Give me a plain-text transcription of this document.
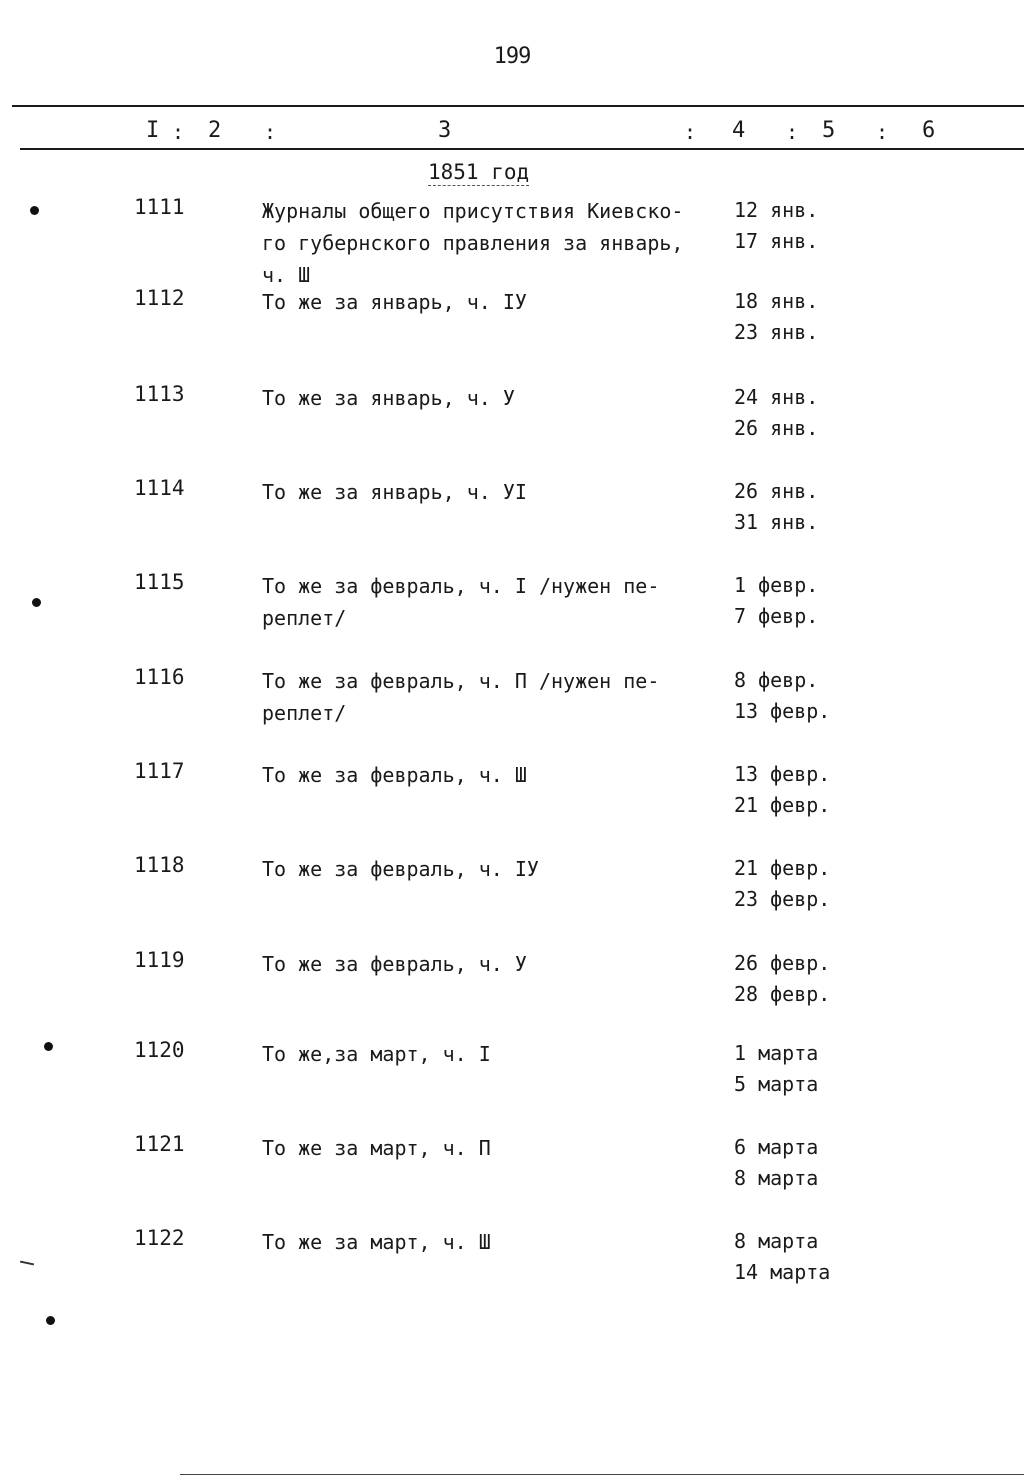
199
I : 2 :	3	: 4 : 5 : 6
1851 год
1111	Журналы общего присутствия Киевско-
го губернского правления за январь,
ч. Ш
12 янв.
17 янв.
1112	То же за январь, ч. IУ	18 янв.
23 янв.
1113	То же за январь, ч. У	24 янв.
26 янв.
1114	То же за январь, ч. УI	26 янв.
31 янв.
1115	То же за февраль, ч. I /нужен пе-
реплет/
1 февр.
7 февр.
1116	То же за февраль, ч. П /нужен пе-
реплет/
8 февр.
13 февр.
1117	То же за февраль, ч. Ш	13 февр.
21 февр.
1118	То же за февраль, ч. IУ	21 февр.
23 февр.
1119	То же за февраль, ч. У	26 февр.
28 февр.
1120	То же,за март, ч. I	1 марта
5 марта
1121	То же за март, ч. П	6 марта
8 марта
1122	То же за март, ч. Ш	8 марта
14 марта
